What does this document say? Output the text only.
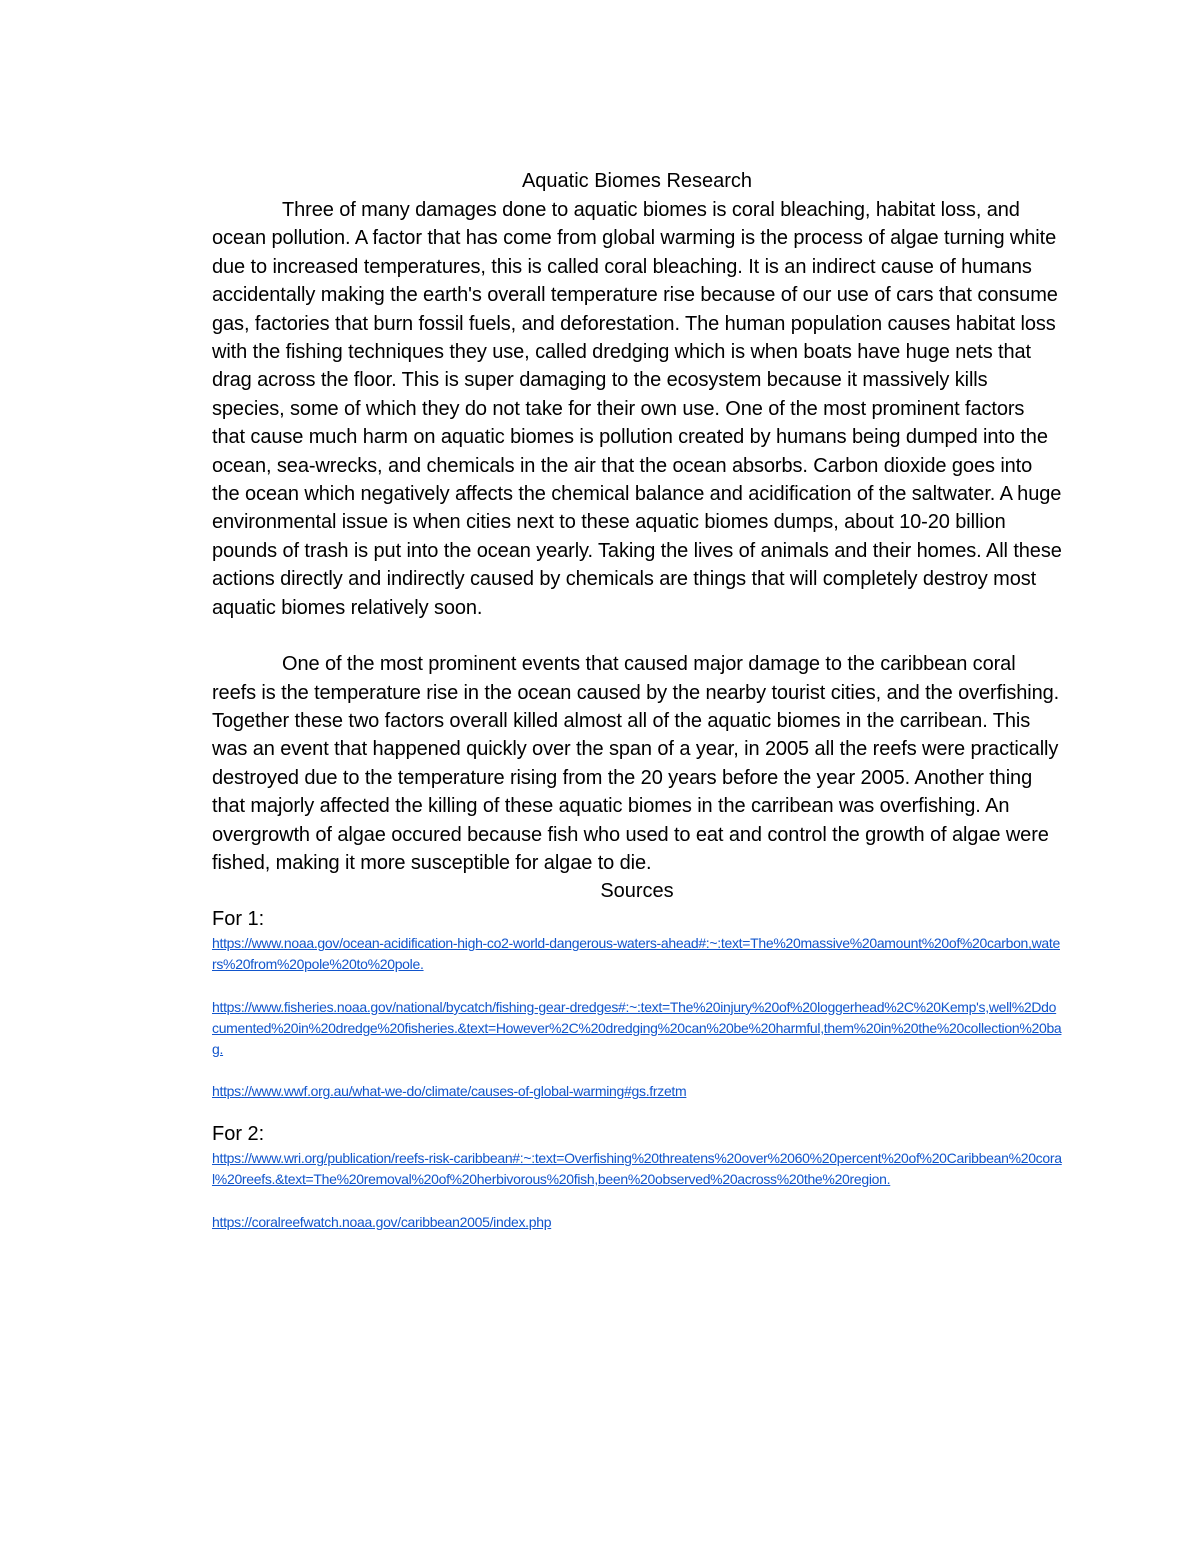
Aquatic Biomes Research

Three of many damages done to aquatic biomes is coral bleaching, habitat loss, and ocean pollution. A factor that has come from global warming is the process of algae turning white due to increased temperatures, this is called coral bleaching. It is an indirect cause of humans accidentally making the earth's overall temperature rise because of our use of cars that consume gas, factories that burn fossil fuels, and deforestation. The human population causes habitat loss with the fishing techniques they use, called dredging which is when boats have huge nets that drag across the floor. This is super damaging to the ecosystem because it massively kills species, some of which they do not take for their own use. One of the most prominent factors that cause much harm on aquatic biomes is pollution created by humans being dumped into the ocean, sea-wrecks, and chemicals in the air that the ocean absorbs. Carbon dioxide goes into the ocean which negatively affects the chemical balance and acidification of the saltwater. A huge environmental issue is when cities next to these aquatic biomes dumps, about 10-20 billion pounds of trash is put into the ocean yearly. Taking the lives of animals and their homes. All these actions directly and indirectly caused by chemicals are things that will completely destroy most aquatic biomes relatively soon.

One of the most prominent events that caused major damage to the caribbean coral reefs is the temperature rise in the ocean caused by the nearby tourist cities, and the overfishing. Together these two factors overall killed almost all of the aquatic biomes in the carribean. This was an event that happened quickly over the span of a year, in 2005 all the reefs were practically destroyed due to the temperature rising from the 20 years before the year 2005. Another thing that majorly affected the killing of these aquatic biomes in the carribean was overfishing. An overgrowth of algae occured because fish who used to eat and control the growth of algae were fished, making it more susceptible for algae to die.

Sources

For 1:

https://www.noaa.gov/ocean-acidification-high-co2-world-dangerous-waters-ahead#:~:text=The%20massive%20amount%20of%20carbon,waters%20from%20pole%20to%20pole.
https://www.fisheries.noaa.gov/national/bycatch/fishing-gear-dredges#:~:text=The%20injury%20of%20loggerhead%2C%20Kemp's,well%2Ddocumented%20in%20dredge%20fisheries.&text=However%2C%20dredging%20can%20be%20harmful,them%20in%20the%20collection%20bag.
https://www.wwf.org.au/what-we-do/climate/causes-of-global-warming#gs.frzetm

For 2:

https://www.wri.org/publication/reefs-risk-caribbean#:~:text=Overfishing%20threatens%20over%2060%20percent%20of%20Caribbean%20coral%20reefs.&text=The%20removal%20of%20herbivorous%20fish,been%20observed%20across%20the%20region.
https://coralreefwatch.noaa.gov/caribbean2005/index.php
